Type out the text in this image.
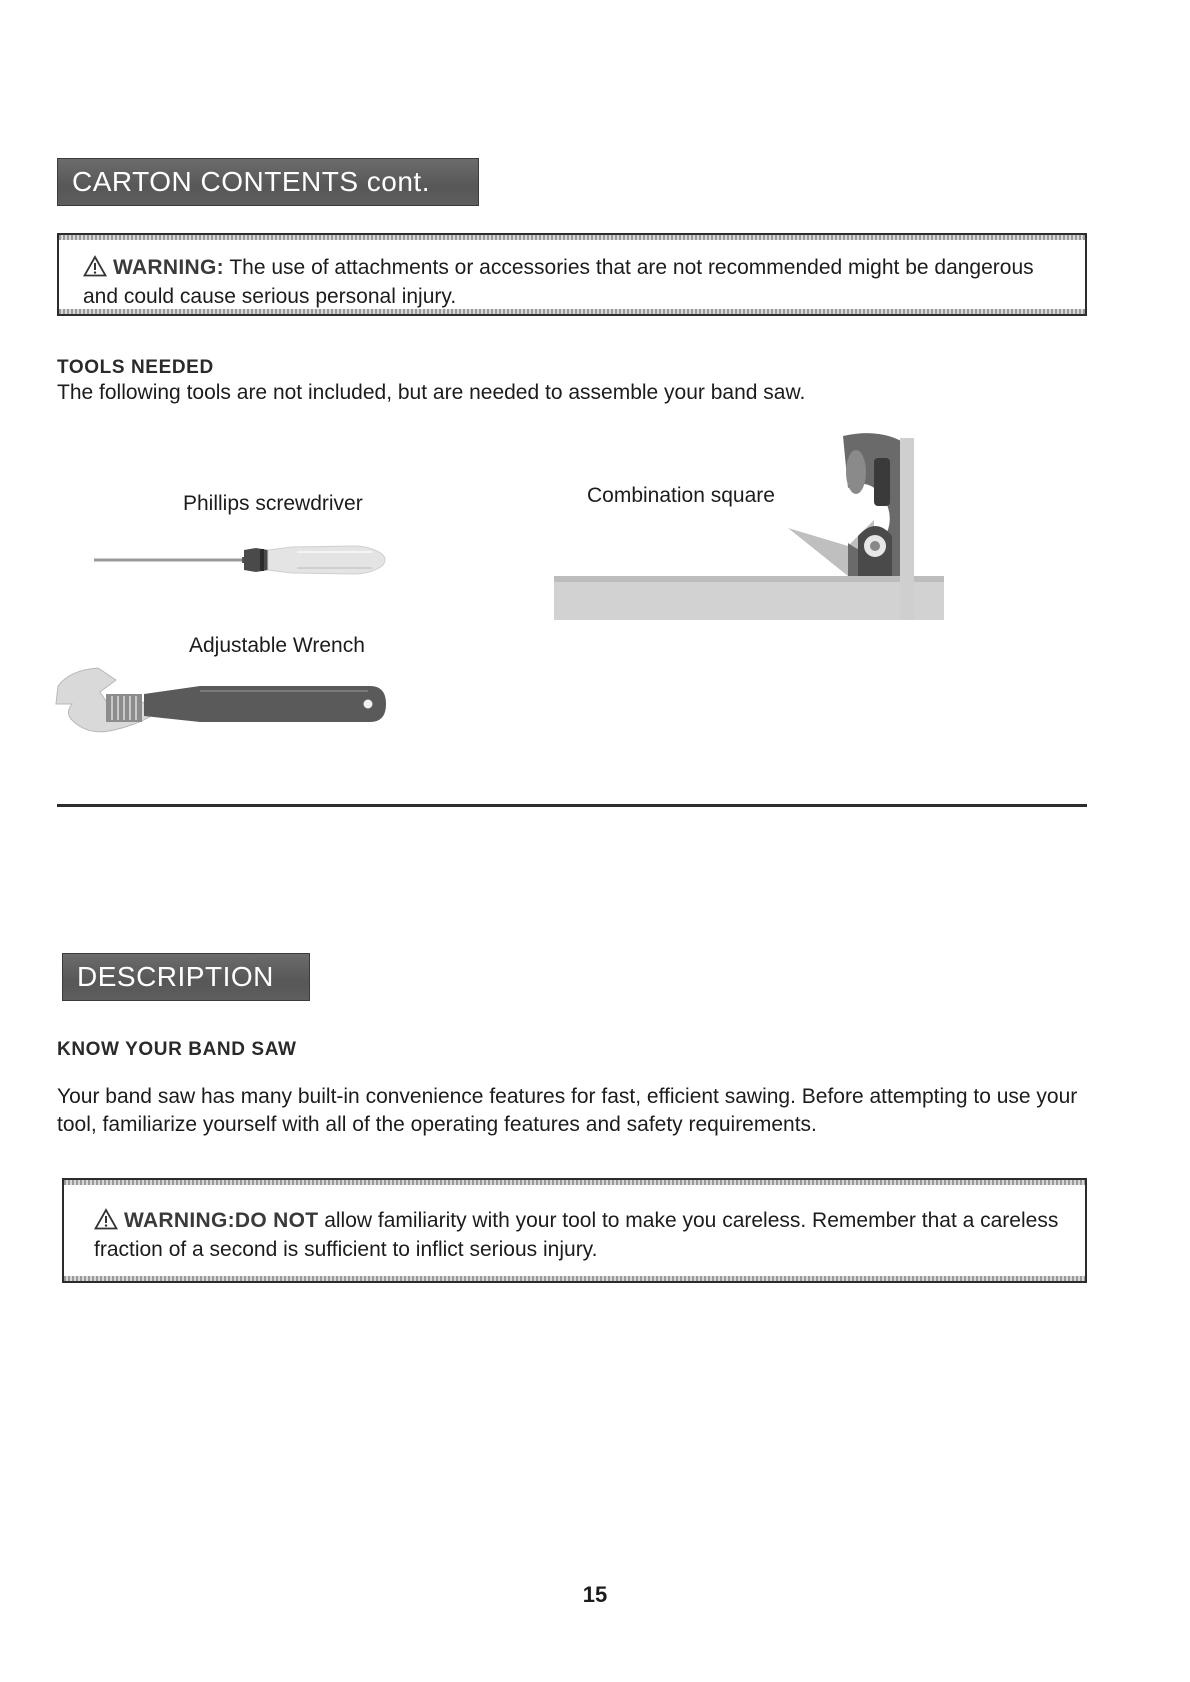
CARTON CONTENTS cont.
WARNING: The use of attachments or accessories that are not recommended might be dangerous and could cause serious personal injury.
TOOLS NEEDED
The following tools are not included, but are needed to assemble your band saw.
Phillips screwdriver	Combination square
Adjustable Wrench
DESCRIPTION
KNOW YOUR BAND SAW
Your band saw has many built-in convenience features for fast, efficient sawing. Before attempting to use your tool, familiarize yourself with all of the operating features and safety requirements.
WARNING:DO NOT allow familiarity with your tool to make you careless. Remember that a careless fraction of a second is sufficient to inflict serious injury.
15
